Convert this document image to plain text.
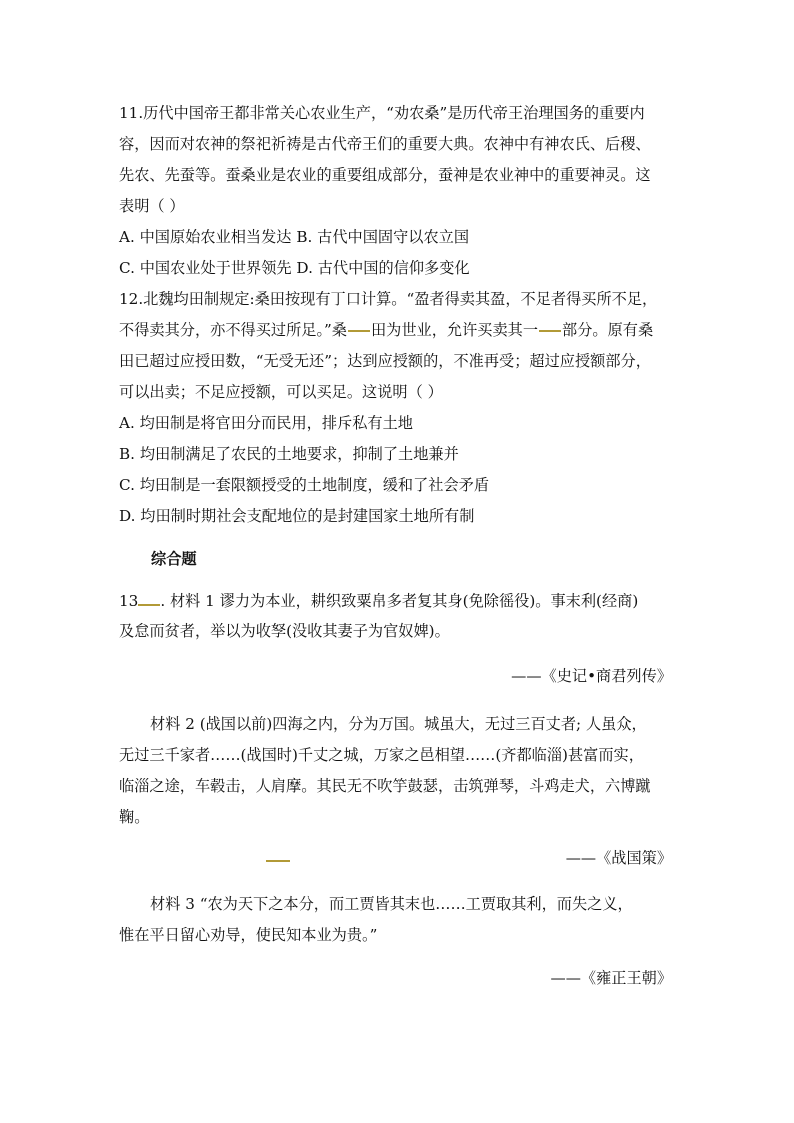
11.历代中国帝王都非常关心农业生产，“劝农桑”是历代帝王治理国务的重要内
容，因而对农神的祭祀祈祷是古代帝王们的重要大典。农神中有神农氏、后稷、
先农、先蚕等。蚕桑业是农业的重要组成部分，蚕神是农业神中的重要神灵。这
表明（ ）
A. 中国原始农业相当发达 B. 古代中国固守以农立国
C. 中国农业处于世界领先 D. 古代中国的信仰多变化
12.北魏均田制规定:桑田按现有丁口计算。“盈者得卖其盈，不足者得买所不足，
不得卖其分，亦不得买过所足。”桑 田为世业，允许买卖其一 部分。原有桑
田已超过应授田数，“无受无还”；达到应授额的，不准再受；超过应授额部分，
可以出卖；不足应授额，可以买足。这说明（ ）
A. 均田制是将官田分而民用，排斥私有土地
B. 均田制满足了农民的土地要求，抑制了土地兼并
C. 均田制是一套限额授受的土地制度，缓和了社会矛盾
D. 均田制时期社会支配地位的是封建国家土地所有制
综合题
13 . 材料 1 谬力为本业，耕织致粟帛多者复其身(免除徭役)。事末利(经商)
及怠而贫者，举以为收孥(没收其妻子为官奴婢)。
——《史记•商君列传》
材料 2 (战国以前)四海之内，分为万国。城虽大，无过三百丈者; 人虽众，
无过三千家者……(战国时)千丈之城，万家之邑相望……(齐都临淄)甚富而实，
临淄之途，车毂击，人肩摩。其民无不吹竽鼓瑟，击筑弹琴，斗鸡走犬，六博蹴
鞠。
——《战国策》
材料 3 “农为天下之本分，而工贾皆其末也……工贾取其利，而失之义，
惟在平日留心劝导，使民知本业为贵。”
——《雍正王朝》
